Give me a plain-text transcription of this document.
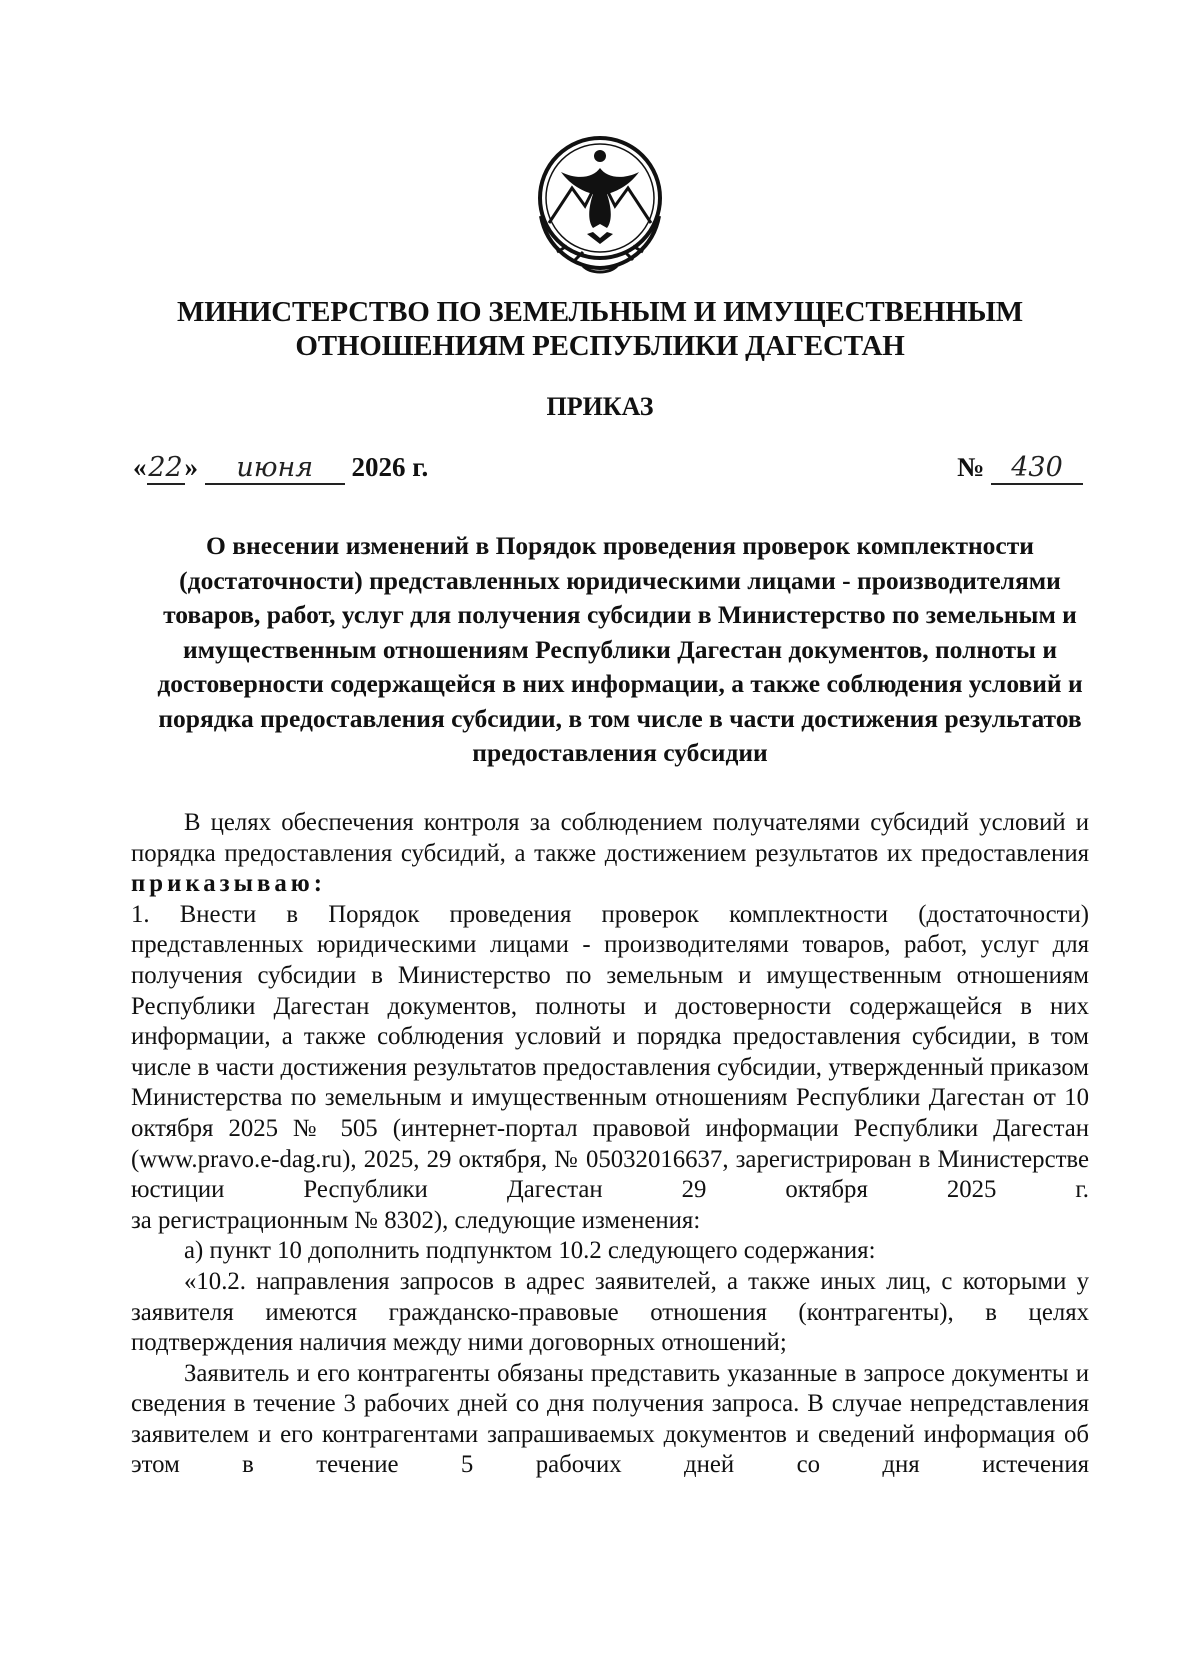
МИНИСТЕРСТВО ПО ЗЕМЕЛЬНЫМ И ИМУЩЕСТВЕННЫМ
ОТНОШЕНИЯМ РЕСПУБЛИКИ ДАГЕСТАН
ПРИКАЗ
«22» июня 2026 г.	№ 430
О внесении изменений в Порядок проведения проверок комплектности (достаточности) представленных юридическими лицами - производителями товаров, работ, услуг для получения субсидии в Министерство по земельным и имущественным отношениям Республики Дагестан документов, полноты и достоверности содержащейся в них информации, а также соблюдения условий и порядка предоставления субсидии, в том числе в части достижения результатов предоставления субсидии

В целях обеспечения контроля за соблюдением получателями субсидий условий и порядка предоставления субсидий, а также достижением результатов их предоставления приказываю:

1. Внести в Порядок проведения проверок комплектности (достаточности) представленных юридическими лицами - производителями товаров, работ, услуг для получения субсидии в Министерство по земельным и имущественным отношениям Республики Дагестан документов, полноты и достоверности содержащейся в них информации, а также соблюдения условий и порядка предоставления субсидии, в том числе в части достижения результатов предоставления субсидии, утвержденный приказом Министерства по земельным и имущественным отношениям Республики Дагестан от 10 октября 2025 № 505 (интернет-портал правовой информации Республики Дагестан (www.pravo.e-dag.ru), 2025, 29 октября, № 05032016637, зарегистрирован в Министерстве юстиции Республики Дагестан 29 октября 2025 г.

за регистрационным № 8302), следующие изменения:

а) пункт 10 дополнить подпунктом 10.2 следующего содержания:

«10.2. направления запросов в адрес заявителей, а также иных лиц, с которыми у заявителя имеются гражданско-правовые отношения (контрагенты), в целях подтверждения наличия между ними договорных отношений;

Заявитель и его контрагенты обязаны представить указанные в запросе документы и сведения в течение 3 рабочих дней со дня получения запроса. В случае непредставления заявителем и его контрагентами запрашиваемых документов и сведений информация об этом в течение 5 рабочих дней со дня истечения
